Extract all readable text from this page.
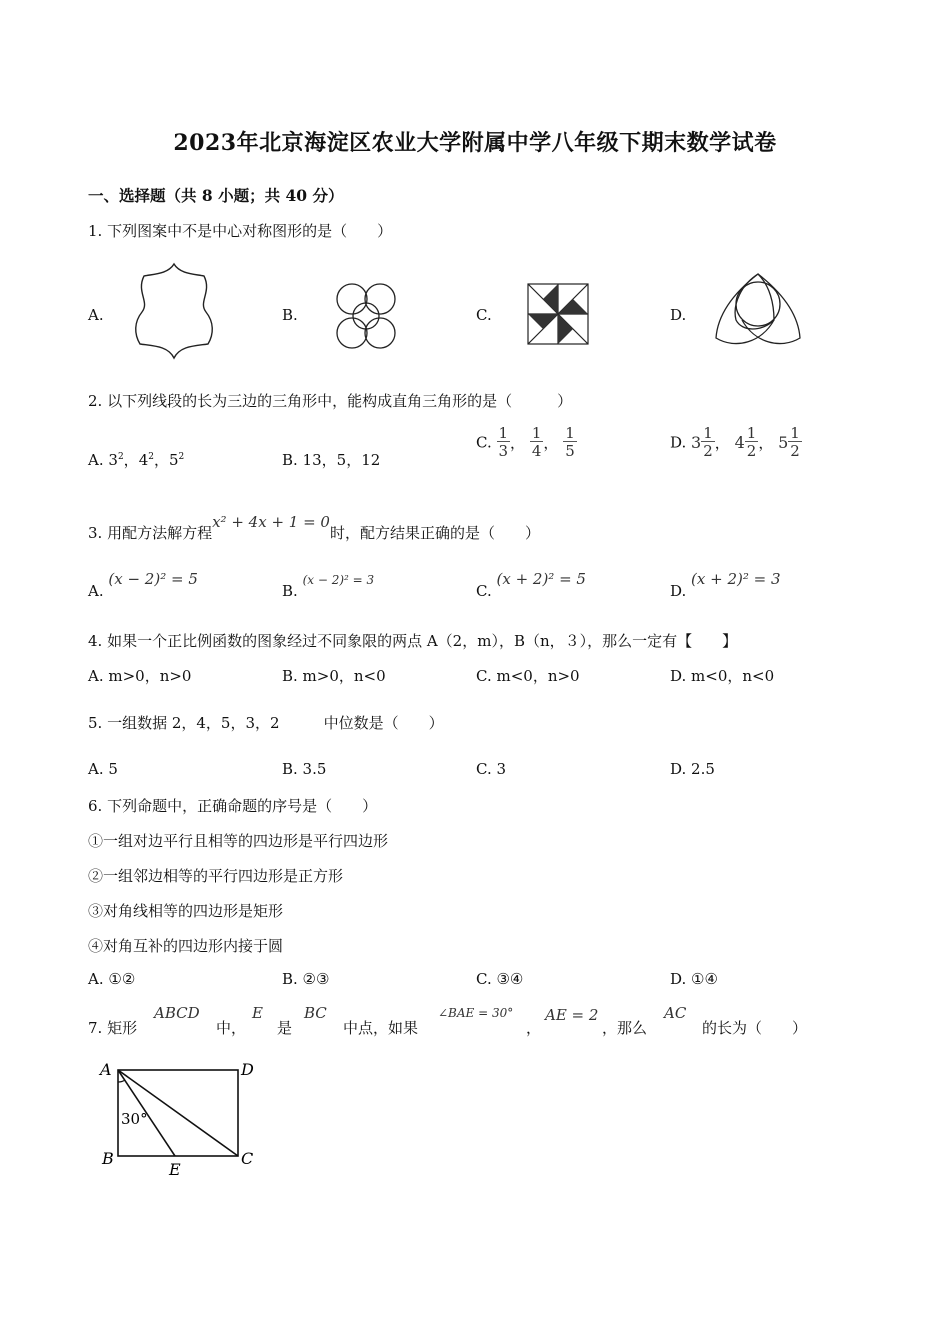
2023年北京海淀区农业大学附属中学八年级下期末数学试卷
一、选择题（共 8 小题；共 40 分）
1. 下列图案中不是中心对称图形的是（　　）
A.	B.	C.	D.
2. 以下列线段的长为三边的三角形中，能构成直角三角形的是（　　　）
A. $3^2$，$4^2$，$5^2$	B. 13，5，12
C. $\frac{1}{3}$ ， $\frac{1}{4}$ ， $\frac{1}{5}$	D. $3 \frac{1}{2}$ ， $4 \frac{1}{2}$ ， $5 \frac{1}{2}$
3. 用配方法解方程x² + 4x + 1 = 0时，配方结果正确的是（　　）
A. (x − 2)² = 5
B. (x − 2)² = 3
C. (x + 2)² = 5
D. (x + 2)² = 3
4. 如果一个正比例函数的图象经过不同象限的两点 A（2，m），B（n，３），那么一定有【　　】
A. m>0，n>0	B. m>0，n<0	C. m<0，n>0	D. m<0，n<0
5. 一组数据 2，4，5，3，2	中位数是（　　）
A. 5	B. 3.5	C. 3	D. 2.5
6. 下列命题中，正确命题的序号是（　　）
①一组对边平行且相等的四边形是平行四边形
②一组邻边相等的平行四边形是正方形
③对角线相等的四边形是矩形
④对角互补的四边形内接于圆
A. ①②	B. ②③	C. ③④	D. ①④
7. 矩形
ABCD
中，
E
是
BC
中点，如果
∠BAE = 30°
，
AE = 2
，那么
AC
的长为（　　）
A	D
B	C
E
30°
